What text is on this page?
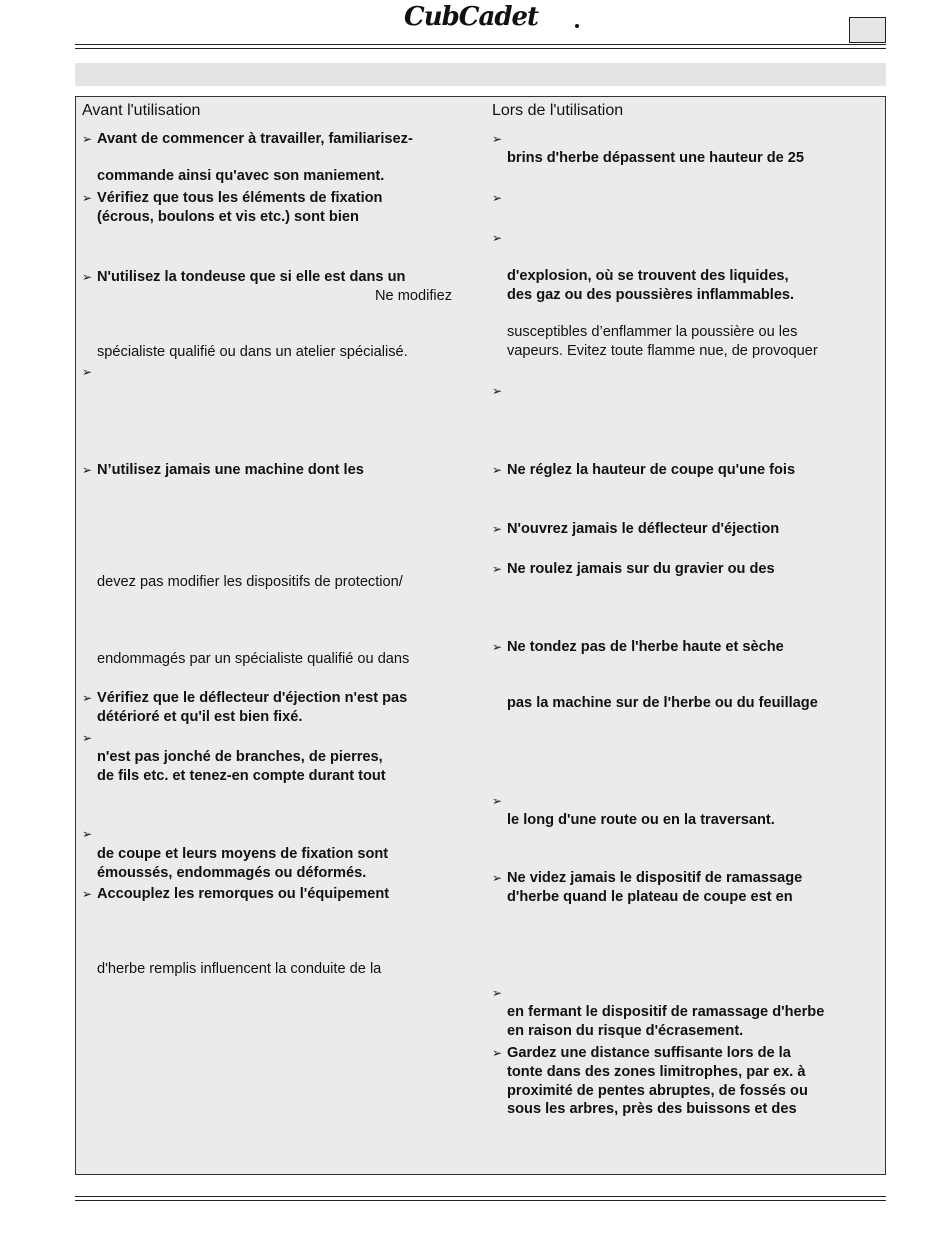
CubCadet
Avant l'utilisation
➢ Avant de commencer à travailler, familiarisez-
commande ainsi qu'avec son maniement.
➢ Vérifiez que tous les éléments de fixation
(écrous, boulons et vis etc.) sont bien
➢ N'utilisez la tondeuse que si elle est dans un
Ne modifiez
spécialiste qualifié ou dans un atelier spécialisé.
➢
➢ N’utilisez jamais une machine dont les
devez pas modifier les dispositifs de protection/
endommagés par un spécialiste qualifié ou dans
➢ Vérifiez que le déflecteur d'éjection n'est pas
détérioré et qu'il est bien fixé.
➢
n'est pas jonché de branches, de pierres,
de fils etc. et tenez-en compte durant tout
➢
de coupe et leurs moyens de fixation sont
émoussés, endommagés ou déformés.
➢ Accouplez les remorques ou l'équipement
d'herbe remplis influencent la conduite de la
Lors de l'utilisation
➢
brins d'herbe dépassent une hauteur de 25
➢
➢
d'explosion, où se trouvent des liquides,
des gaz ou des poussières inflammables.
susceptibles d’enflammer la poussière ou les
vapeurs. Evitez toute flamme nue, de provoquer
➢
➢ Ne réglez la hauteur de coupe qu'une fois
➢ N'ouvrez jamais le déflecteur d'éjection
➢ Ne roulez jamais sur du gravier ou des
➢ Ne tondez pas de l'herbe haute et sèche
pas la machine sur de l'herbe ou du feuillage
➢
le long d'une route ou en la traversant.
➢ Ne videz jamais le dispositif de ramassage
d'herbe quand le plateau de coupe est en
➢
en fermant le dispositif de ramassage d'herbe
en raison du risque d'écrasement.
➢ Gardez une distance suffisante lors de la
tonte dans des zones limitrophes, par ex. à
proximité de pentes abruptes, de fossés ou
sous les arbres, près des buissons et des
